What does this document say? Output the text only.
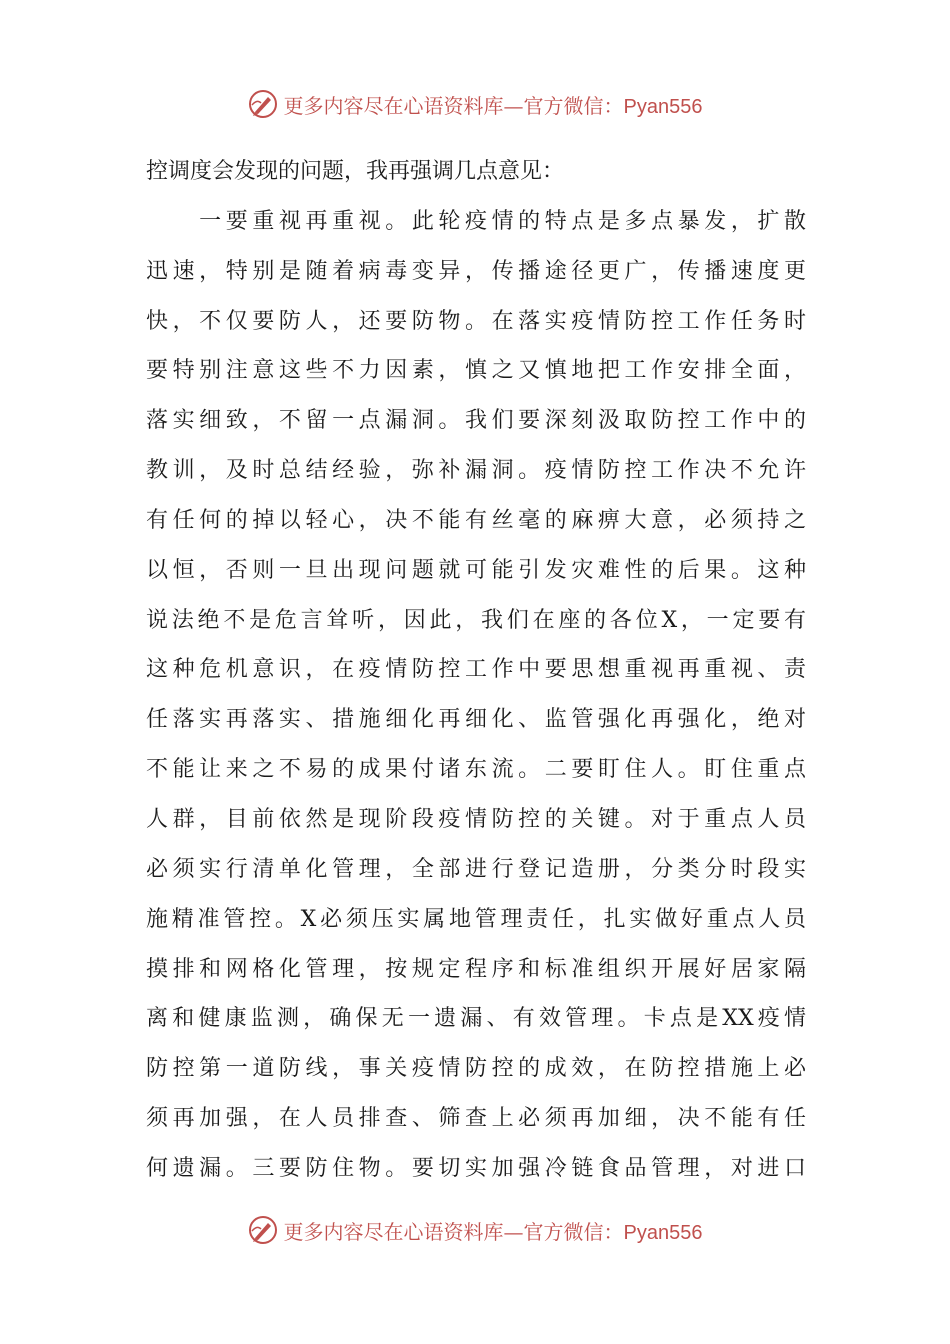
更多内容尽在心语资料库—官方微信：Pyan556
控调度会发现的问题，我再强调几点意见：
　　一要重视再重视。此轮疫情的特点是多点暴发，扩散
迅速，特别是随着病毒变异，传播途径更广，传播速度更
快，不仅要防人，还要防物。在落实疫情防控工作任务时
要特别注意这些不力因素，慎之又慎地把工作安排全面，
落实细致，不留一点漏洞。我们要深刻汲取防控工作中的
教训，及时总结经验，弥补漏洞。疫情防控工作决不允许
有任何的掉以轻心，决不能有丝毫的麻痹大意，必须持之
以恒，否则一旦出现问题就可能引发灾难性的后果。这种
说法绝不是危言耸听，因此，我们在座的各位X，一定要有
这种危机意识，在疫情防控工作中要思想重视再重视、责
任落实再落实、措施细化再细化、监管强化再强化，绝对
不能让来之不易的成果付诸东流。二要盯住人。盯住重点
人群，目前依然是现阶段疫情防控的关键。对于重点人员
必须实行清单化管理，全部进行登记造册，分类分时段实
施精准管控。X必须压实属地管理责任，扎实做好重点人员
摸排和网格化管理，按规定程序和标准组织开展好居家隔
离和健康监测，确保无一遗漏、有效管理。卡点是XX疫情
防控第一道防线，事关疫情防控的成效，在防控措施上必
须再加强，在人员排查、筛查上必须再加细，决不能有任
何遗漏。三要防住物。要切实加强冷链食品管理，对进口
更多内容尽在心语资料库—官方微信：Pyan556
